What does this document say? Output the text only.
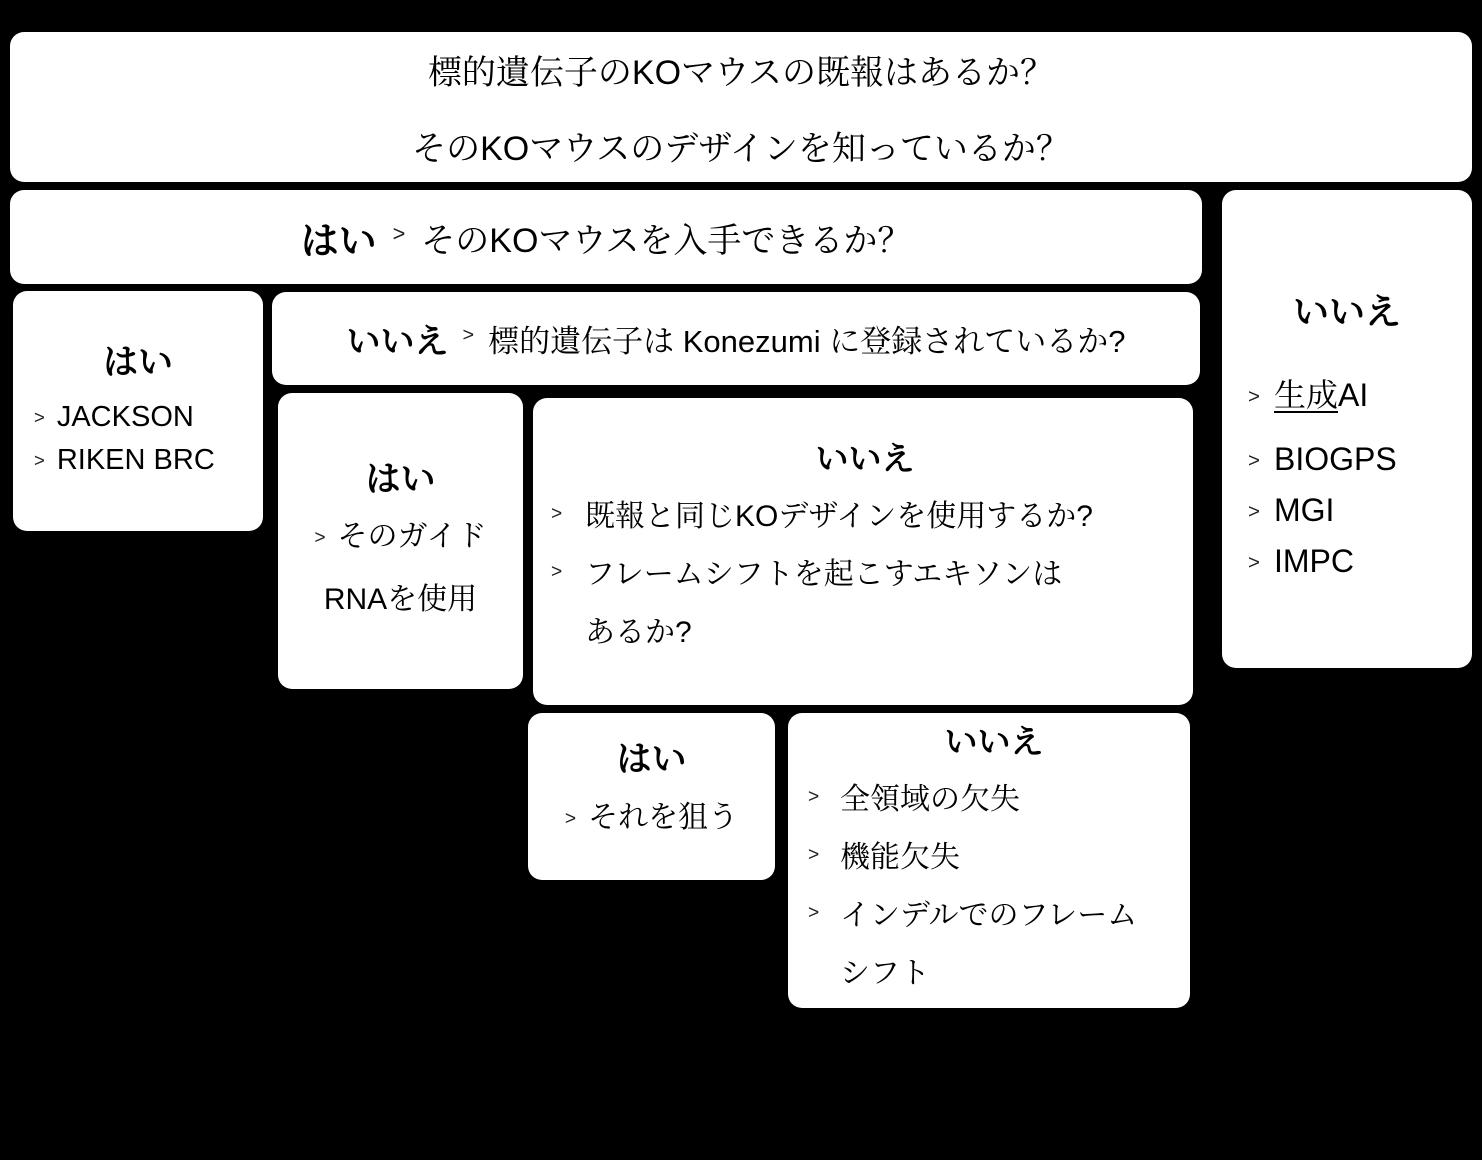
標的遺伝子のKOマウスの既報はあるか？
そのKOマウスのデザインを知っているか？
はい > そのKOマウスを入手できるか？
いいえ
> 生成AI
> BIOGPS
> MGI
> IMPC
はい
> JACKSON
> RIKEN BRC
いいえ > 標的遺伝子は Konezumi に登録されているか?
はい
> そのガイド
RNAを使用
いいえ
> 既報と同じKOデザインを使用するか?
> フレームシフトを起こすエキソンは
あるか?
はい
> それを狙う
いいえ
> 全領域の欠失
> 機能欠失
> インデルでのフレーム
シフト
